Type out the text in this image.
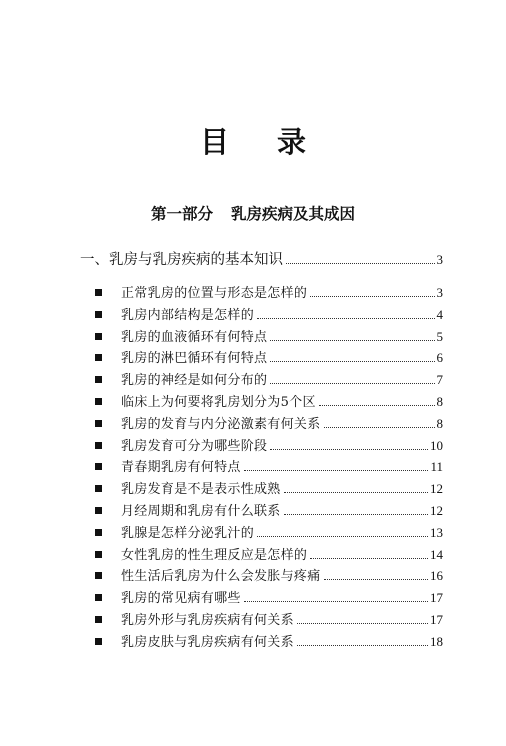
目录
第一部分 乳房疾病及其成因
一、乳房与乳房疾病的基本知识	3
正常乳房的位置与形态是怎样的	3
乳房内部结构是怎样的	4
乳房的血液循环有何特点	5
乳房的淋巴循环有何特点	6
乳房的神经是如何分布的	7
临床上为何要将乳房划分为5个区	8
乳房的发育与内分泌激素有何关系	8
乳房发育可分为哪些阶段	10
青春期乳房有何特点	11
乳房发育是不是表示性成熟	12
月经周期和乳房有什么联系	12
乳腺是怎样分泌乳汁的	13
女性乳房的性生理反应是怎样的	14
性生活后乳房为什么会发胀与疼痛	16
乳房的常见病有哪些	17
乳房外形与乳房疾病有何关系	17
乳房皮肤与乳房疾病有何关系	18
